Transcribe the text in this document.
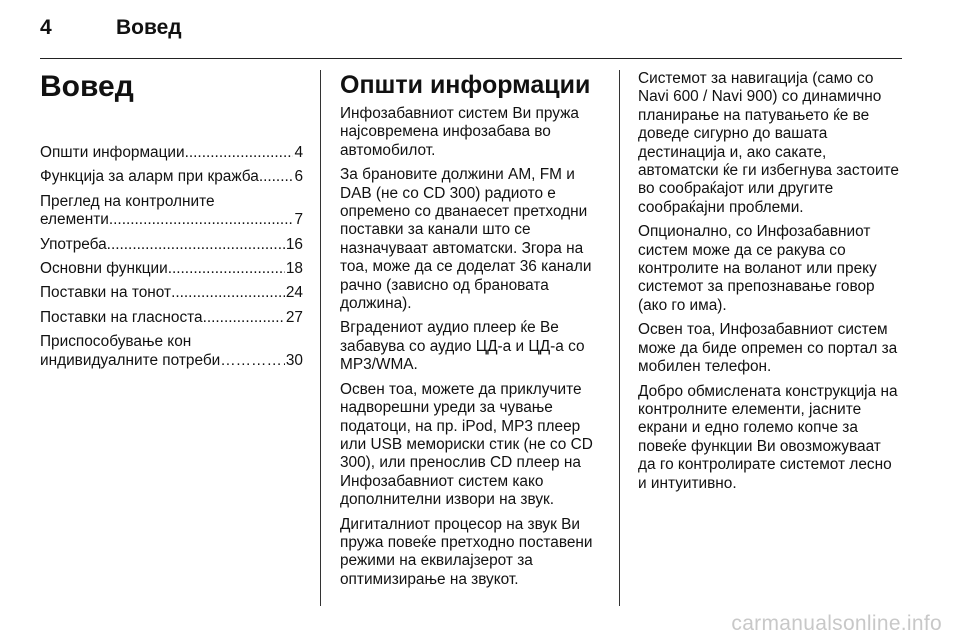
4	Вовед
Вовед
Општи информации .....	4
Функција за аларм при кражба ..... 6
Преглед на контролните
елементи .....	7
Употреба .....	16
Основни функции .....	18
Поставки на тонот .....	24
Поставки на гласноста .....	27
Приспособување кон
индивидуалните потреби ………………………………………………………………	30
Општи информации

Инфозабавниот систем Ви пружа најсовремена инфозабава во автомобилот.

За брановите должини AM, FM и DAB (не со CD 300) радиото е опремено со дванаесет претходни поставки за канали што се назначуваат автоматски. Згора на тоа, може да се доделат 36 канали рачно (зависно од брановата должина).

Вградениот аудио плеер ќе Ве забавува со аудио ЦД-а и ЦД-а со MP3/WMA.

Освен тоа, можете да приклучите надворешни уреди за чување податоци, на пр. iPod, MP3 плеер или USB мемориски стик (не со CD 300), или пренослив CD плеер на Инфозабавниот систем како дополнителни извори на звук.

Дигиталниот процесор на звук Ви пружа повеќе претходно поставени режими на еквилајзерот за оптимизирање на звукот.

Системот за навигација (само со Navi 600 / Navi 900) со динамично планирање на патувањето ќе ве доведе сигурно до вашата дестинација и, ако сакате, автоматски ќе ги избегнува застоите во сообраќајот или другите сообраќајни проблеми.

Опционално, со Инфозабавниот систем може да се ракува со контролите на воланот или преку системот за препознавање говор (ако го има).

Освен тоа, Инфозабавниот систем може да биде опремен со портал за мобилен телефон.

Добро обмислената конструкција на контролните елементи, јасните екрани и едно големо копче за повеќе функции Ви овозможуваат да го контролирате системот лесно и интуитивно.

carmanualsonline.info
